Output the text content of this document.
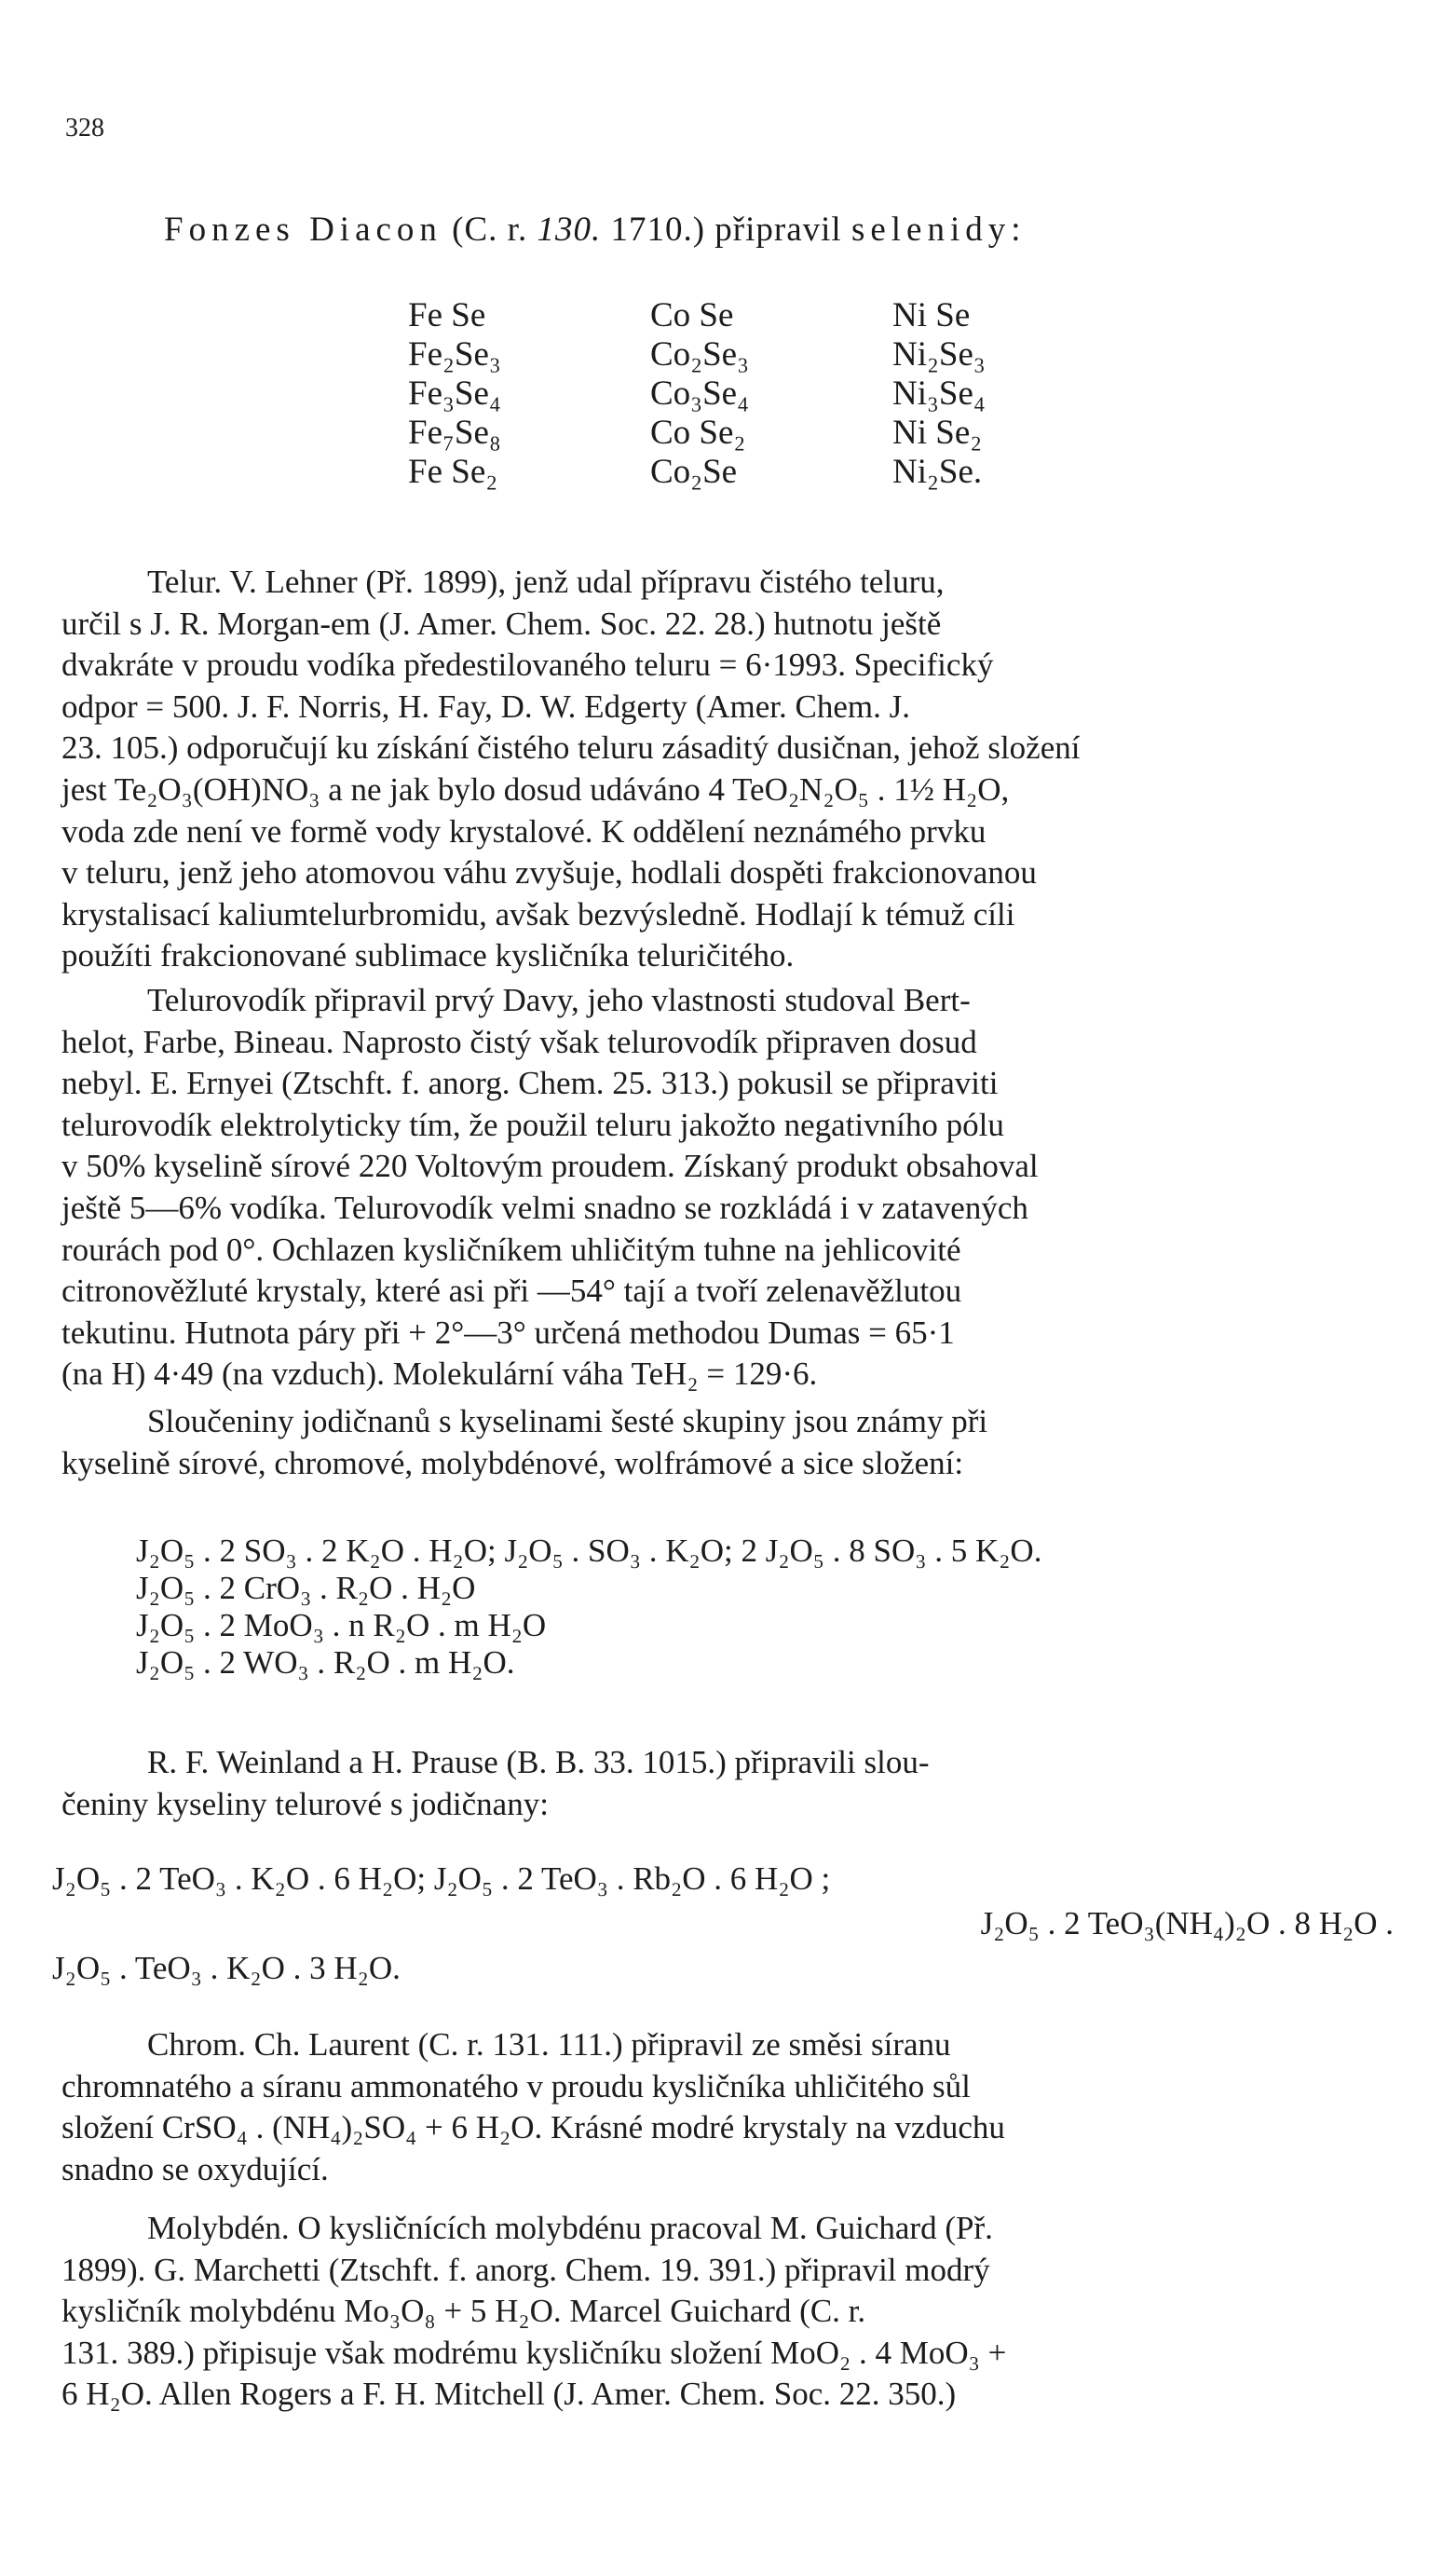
328
Fonzes Diacon (C. r. 130. 1710.) připravil selenidy:
Fe Se	Co Se	Ni Se
Fe₂Se₃	Co₂Se₃	Ni₂Se₃
Fe₃Se₄	Co₃Se₄	Ni₃Se₄
Fe₇Se₈	Co Se₂	Ni Se₂
Fe Se₂	Co₂Se	Ni₂Se.

Telur. V. Lehner (Př. 1899), jenž udal přípravu čistého teluru,

určil s J. R. Morgan-em (J. Amer. Chem. Soc. 22. 28.) hutnotu ještě

dvakráte v proudu vodíka předestilovaného teluru = 6·1993. Specifický

odpor = 500. J. F. Norris, H. Fay, D. W. Edgerty (Amer. Chem. J.

23. 105.) odporučují ku získání čistého teluru zásaditý dusičnan, jehož složení

jest Te₂O₃(OH)NO₃ a ne jak bylo dosud udáváno 4 TeO₂N₂O₅ . 1½ H₂O,

voda zde není ve formě vody krystalové. K oddělení neznámého prvku

v teluru, jenž jeho atomovou váhu zvyšuje, hodlali dospěti frakcionovanou

krystalisací kaliumtelurbromidu, avšak bezvýsledně. Hodlají k témuž cíli

použíti frakcionované sublimace kysličníka teluričitého.

Telurovodík připravil prvý Davy, jeho vlastnosti studoval Bert-

helot, Farbe, Bineau. Naprosto čistý však telurovodík připraven dosud

nebyl. E. Ernyei (Ztschft. f. anorg. Chem. 25. 313.) pokusil se připraviti

telurovodík elektrolyticky tím, že použil teluru jakožto negativního pólu

v 50% kyselině sírové 220 Voltovým proudem. Získaný produkt obsahoval

ještě 5—6% vodíka. Telurovodík velmi snadno se rozkládá i v zatavených

rourách pod 0°. Ochlazen kysličníkem uhličitým tuhne na jehlicovité

citronověžluté krystaly, které asi při —54° tají a tvoří zelenavěžlutou

tekutinu. Hutnota páry při + 2°—3° určená methodou Dumas = 65·1

(na H) 4·49 (na vzduch). Molekulární váha TeH₂ = 129·6.

Sloučeniny jodičnanů s kyselinami šesté skupiny jsou známy při

kyselině sírové, chromové, molybdénové, wolfrámové a sice složení:

J₂O₅ . 2 SO₃ . 2 K₂O . H₂O; J₂O₅ . SO₃ . K₂O; 2 J₂O₅ . 8 SO₃ . 5 K₂O.
J₂O₅ . 2 CrO₃ . R₂O . H₂O
J₂O₅ . 2 MoO₃ . n R₂O . m H₂O
J₂O₅ . 2 WO₃ . R₂O . m H₂O.

R. F. Weinland a H. Prause (B. B. 33. 1015.) připravili slou-

čeniny kyseliny telurové s jodičnany:

J₂O₅ . 2 TeO₃ . K₂O . 6 H₂O; J₂O₅ . 2 TeO₃ . Rb₂O . 6 H₂O ;
J₂O₅ . 2 TeO₃(NH₄)₂O . 8 H₂O .
J₂O₅ . TeO₃ . K₂O . 3 H₂O.

Chrom. Ch. Laurent (C. r. 131. 111.) připravil ze směsi síranu

chromnatého a síranu ammonatého v proudu kysličníka uhličitého sůl

složení CrSO₄ . (NH₄)₂SO₄ + 6 H₂O. Krásné modré krystaly na vzduchu

snadno se oxydující.

Molybdén. O kysličnících molybdénu pracoval M. Guichard (Př.

1899). G. Marchetti (Ztschft. f. anorg. Chem. 19. 391.) připravil modrý

kysličník molybdénu Mo₃O₈ + 5 H₂O. Marcel Guichard (C. r.

131. 389.) připisuje však modrému kysličníku složení MoO₂ . 4 MoO₃ +

6 H₂O. Allen Rogers a F. H. Mitchell (J. Amer. Chem. Soc. 22. 350.)
